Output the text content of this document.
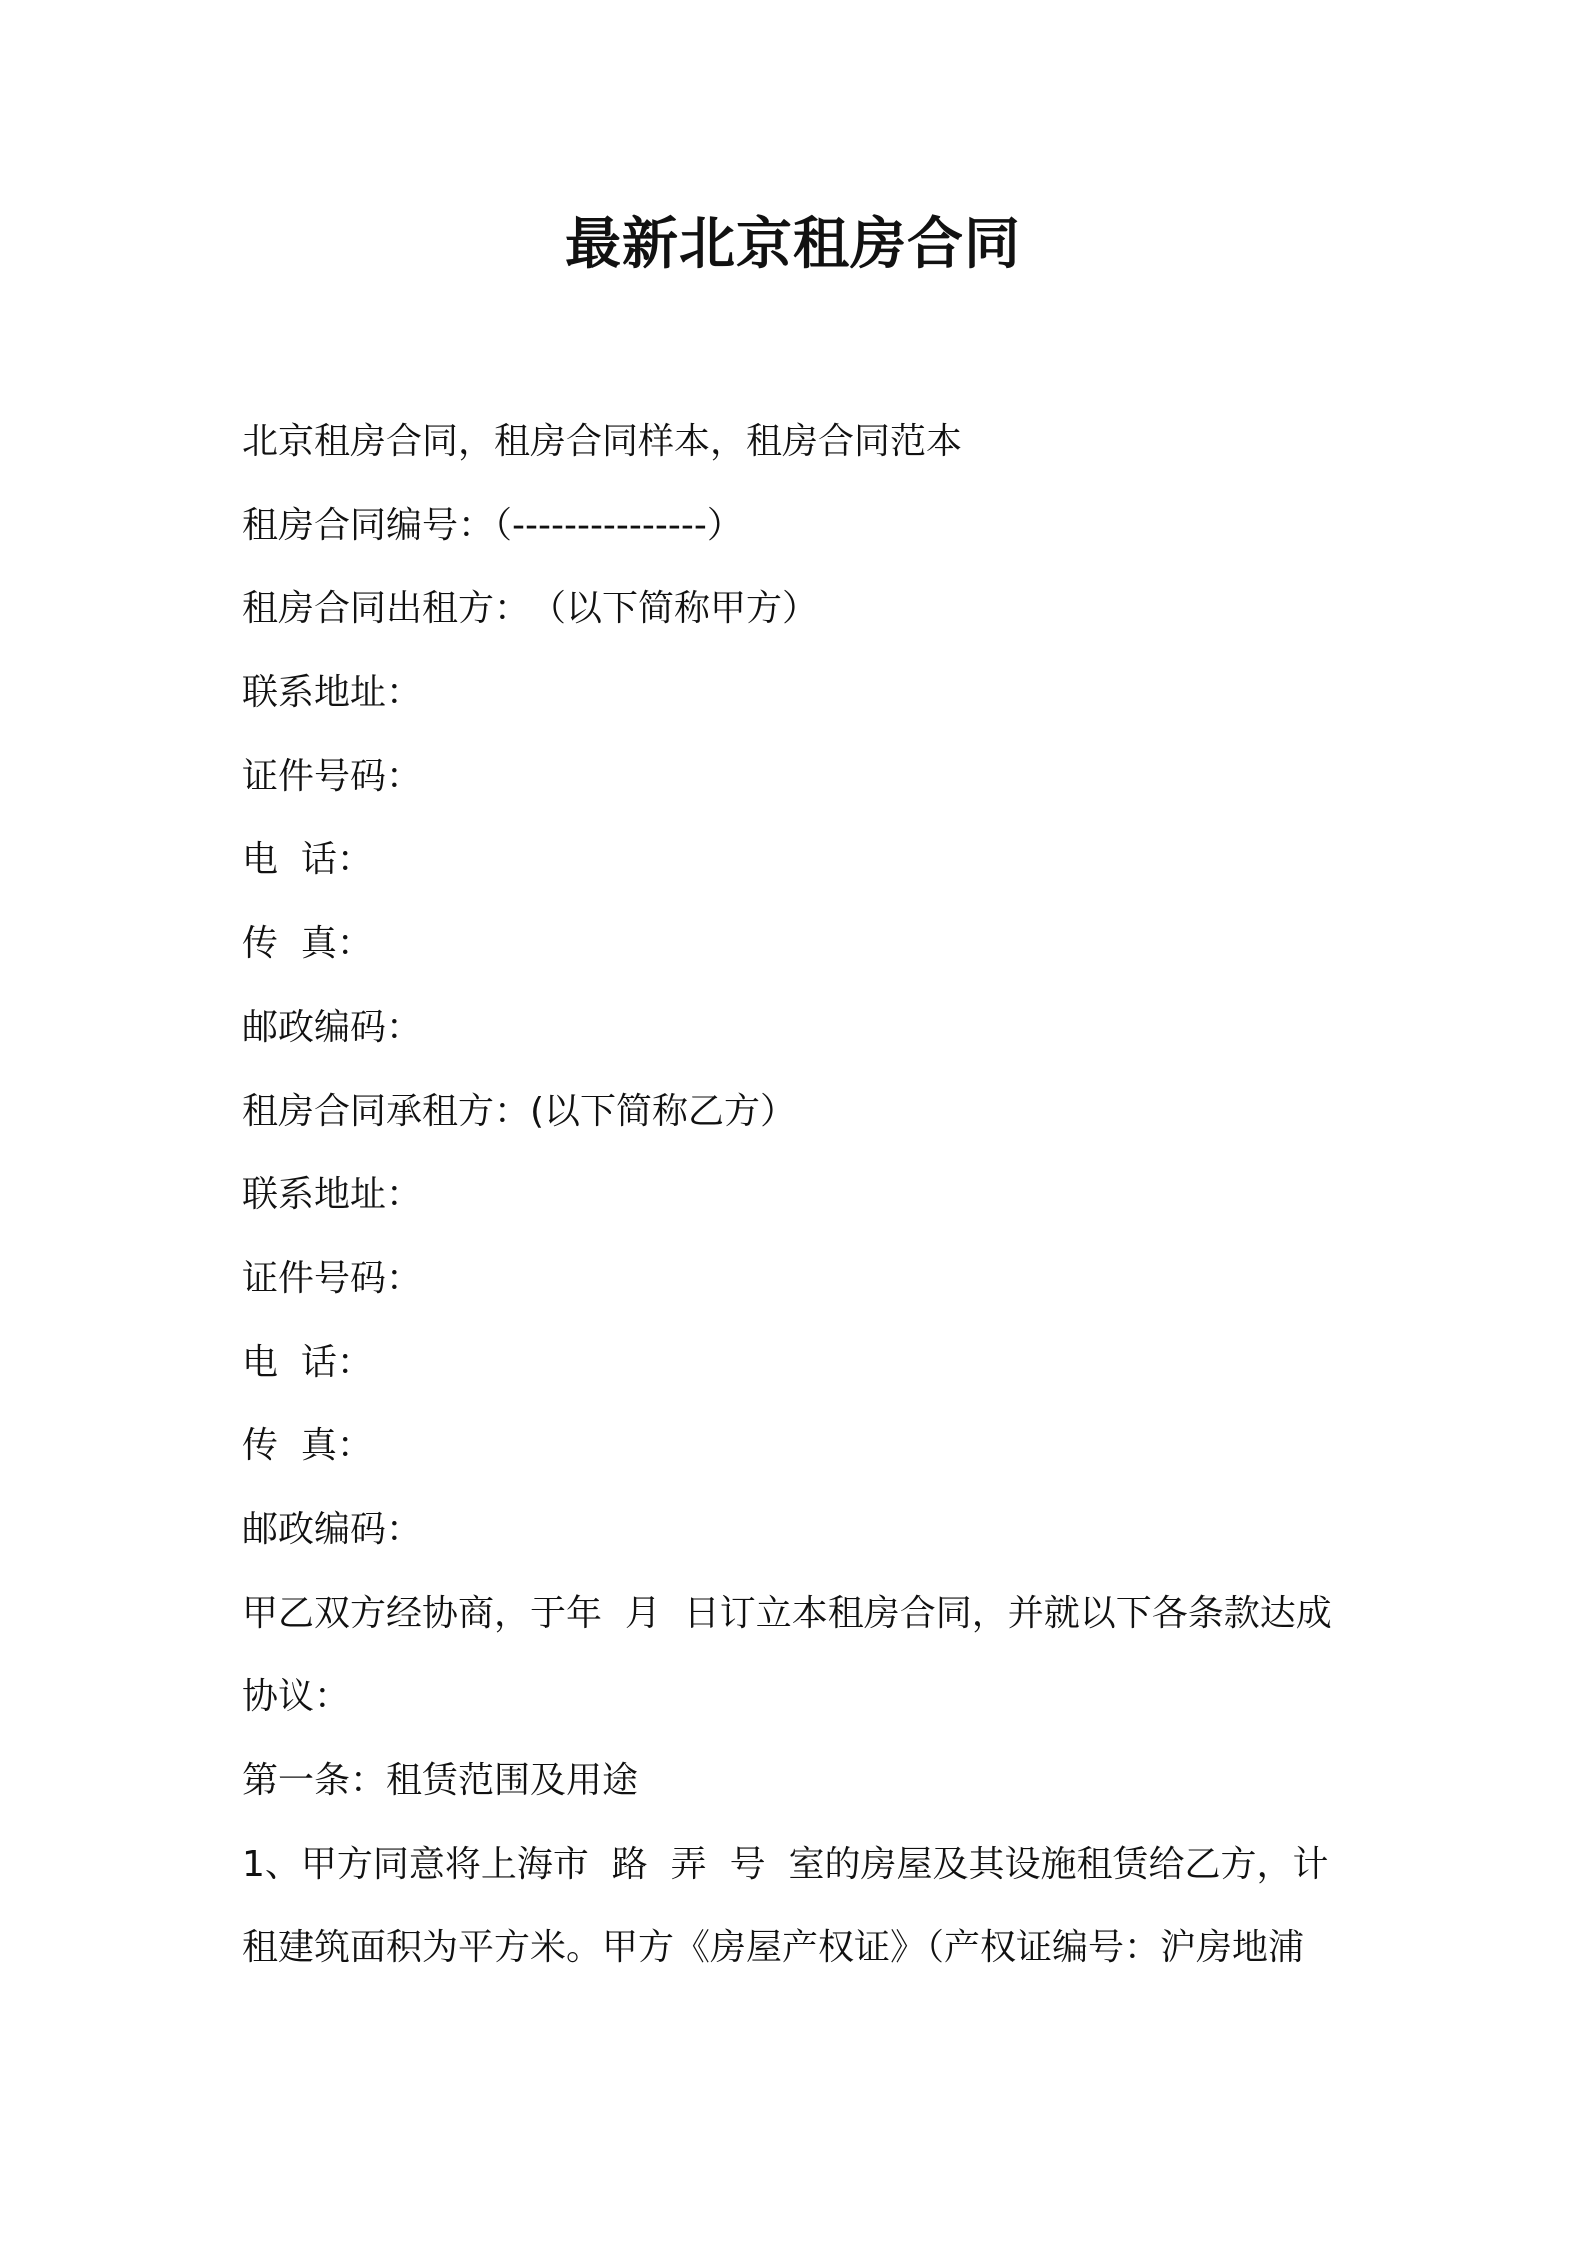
最新北京租房合同

北京租房合同，租房合同样本，租房合同范本

租房合同编号：（---------------）

租房合同出租方：　（以下简称甲方）

联系地址：

证件号码：

电  话：

传  真：

邮政编码：

租房合同承租方：(以下简称乙方）

联系地址：

证件号码：

电  话：

传  真：

邮政编码：

甲乙双方经协商，于年  月  日订立本租房合同，并就以下各条款达成

协议：

第一条：租赁范围及用途

1、甲方同意将上海市  路  弄  号  室的房屋及其设施租赁给乙方，计

租建筑面积为平方米。甲方《房屋产权证》（产权证编号：沪房地浦
